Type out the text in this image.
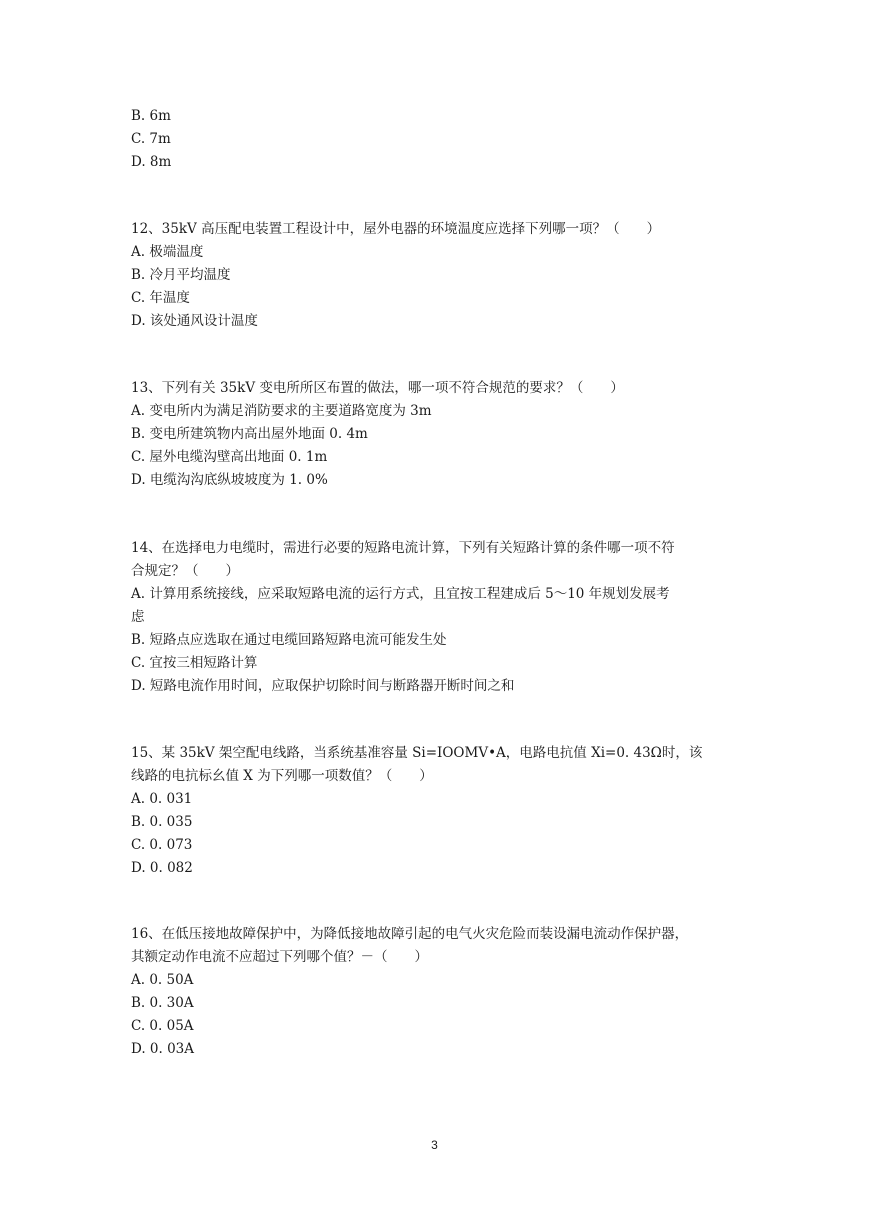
B. 6m
C. 7m
D. 8m
12、35kV 高压配电装置工程设计中，屋外电器的环境温度应选择下列哪一项？（　　）
A. 极端温度
B. 冷月平均温度
C. 年温度
D. 该处通风设计温度
13、下列有关 35kV 变电所所区布置的做法，哪一项不符合规范的要求？（　　）
A. 变电所内为满足消防要求的主要道路宽度为 3m
B. 变电所建筑物内高出屋外地面 0. 4m
C. 屋外电缆沟壁高出地面 0. 1m
D. 电缆沟沟底纵坡坡度为 1. 0%
14、在选择电力电缆时，需进行必要的短路电流计算，下列有关短路计算的条件哪一项不符
合规定？（　　）
A. 计算用系统接线，应采取短路电流的运行方式，且宜按工程建成后 5～10 年规划发展考
虑
B. 短路点应选取在通过电缆回路短路电流可能发生处
C. 宜按三相短路计算
D. 短路电流作用时间，应取保护切除时间与断路器开断时间之和
15、某 35kV 架空配电线路，当系统基准容量 Si=IOOMV•A，电路电抗值 Xi=0. 43Ω时，该
线路的电抗标幺值 X 为下列哪一项数值？（　　）
A. 0. 031
B. 0. 035
C. 0. 073
D. 0. 082
16、在低压接地故障保护中，为降低接地故障引起的电气火灾危险而装设漏电流动作保护器，
其额定动作电流不应超过下列哪个值？－（　　）
A. 0. 50A
B. 0. 30A
C. 0. 05A
D. 0. 03A
3
